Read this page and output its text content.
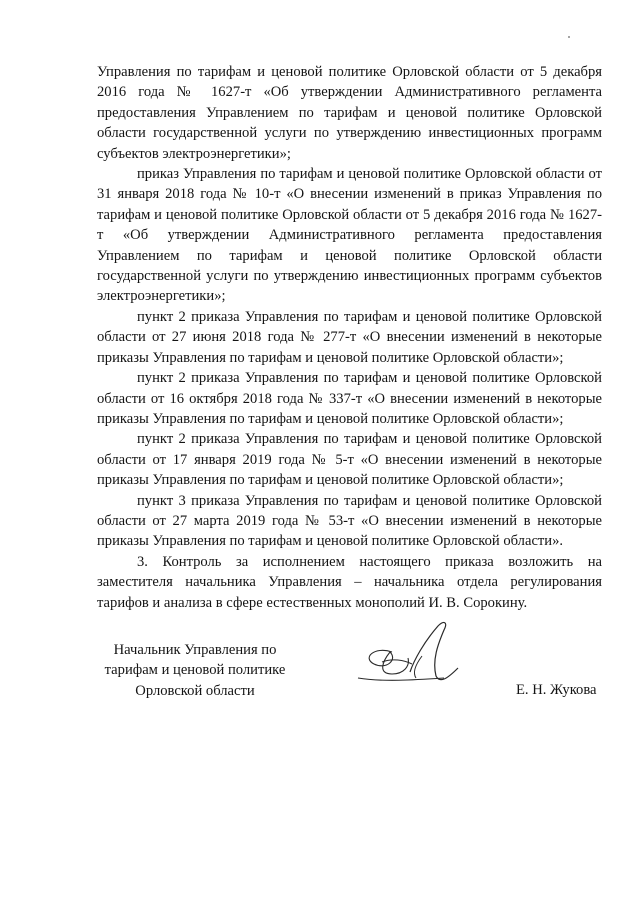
Управления по тарифам и ценовой политике Орловской области от 5 декабря 2016 года № 1627-т «Об утверждении Административного регламента предоставления Управлением по тарифам и ценовой политике Орловской области государственной услуги по утверждению инвестиционных программ субъектов электроэнергетики»;

приказ Управления по тарифам и ценовой политике Орловской области от 31 января 2018 года № 10-т «О внесении изменений в приказ Управления по тарифам и ценовой политике Орловской области от 5 декабря 2016 года № 1627-т «Об утверждении Административного регламента предоставления Управлением по тарифам и ценовой политике Орловской области государственной услуги по утверждению инвестиционных программ субъектов электроэнергетики»;

пункт 2 приказа Управления по тарифам и ценовой политике Орловской области от 27 июня 2018 года № 277-т «О внесении изменений в некоторые приказы Управления по тарифам и ценовой политике Орловской области»;

пункт 2 приказа Управления по тарифам и ценовой политике Орловской области от 16 октября 2018 года № 337-т «О внесении изменений в некоторые приказы Управления по тарифам и ценовой политике Орловской области»;

пункт 2 приказа Управления по тарифам и ценовой политике Орловской области от 17 января 2019 года № 5-т «О внесении изменений в некоторые приказы Управления по тарифам и ценовой политике Орловской области»;

пункт 3 приказа Управления по тарифам и ценовой политике Орловской области от 27 марта 2019 года № 53-т «О внесении изменений в некоторые приказы Управления по тарифам и ценовой политике Орловской области».

3. Контроль за исполнением настоящего приказа возложить на заместителя начальника Управления – начальника отдела регулирования тарифов и анализа в сфере естественных монополий И. В. Сорокину.

Начальник Управления по
тарифам и ценовой политике
Орловской области	Е. Н. Жукова
